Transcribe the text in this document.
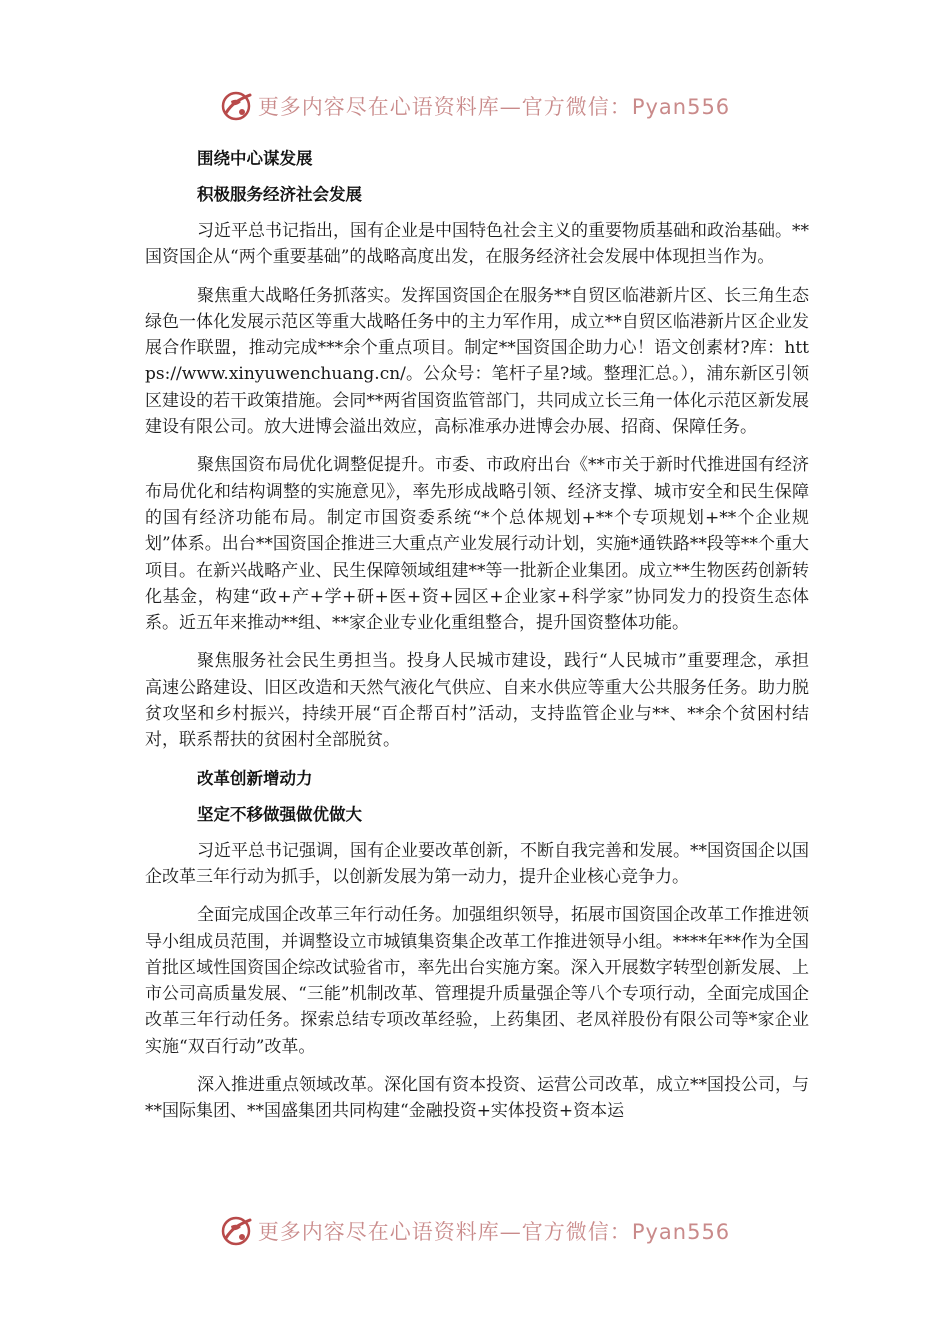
更多内容尽在心语资料库—官方微信：Pyan556

围绕中心谋发展

积极服务经济社会发展

习近平总书记指出，国有企业是中国特色社会主义的重要物质基础和政治基础。**国资国企从“两个重要基础”的战略高度出发，在服务经济社会发展中体现担当作为。

聚焦重大战略任务抓落实。发挥国资国企在服务**自贸区临港新片区、长三角生态绿色一体化发展示范区等重大战略任务中的主力军作用，成立**自贸区临港新片区企业发展合作联盟，推动完成***余个重点项目。制定**国资国企助力心！语文创素材?库：https://www.xinyuwenchuang.cn/。公众号：笔杆子星?域。整理汇总。），浦东新区引领区建设的若干政策措施。会同**两省国资监管部门，共同成立长三角一体化示范区新发展建设有限公司。放大进博会溢出效应，高标准承办进博会办展、招商、保障任务。

聚焦国资布局优化调整促提升。市委、市政府出台《**市关于新时代推进国有经济布局优化和结构调整的实施意见》，率先形成战略引领、经济支撑、城市安全和民生保障的国有经济功能布局。制定市国资委系统“*个总体规划+**个专项规划+**个企业规划”体系。出台**国资国企推进三大重点产业发展行动计划，实施*通铁路**段等**个重大项目。在新兴战略产业、民生保障领域组建**等一批新企业集团。成立**生物医药创新转化基金，构建“政+产+学+研+医+资+园区+企业家+科学家”协同发力的投资生态体系。近五年来推动**组、**家企业专业化重组整合，提升国资整体功能。

聚焦服务社会民生勇担当。投身人民城市建设，践行“人民城市”重要理念，承担高速公路建设、旧区改造和天然气液化气供应、自来水供应等重大公共服务任务。助力脱贫攻坚和乡村振兴，持续开展“百企帮百村”活动，支持监管企业与**、**余个贫困村结对，联系帮扶的贫困村全部脱贫。

改革创新增动力

坚定不移做强做优做大

习近平总书记强调，国有企业要改革创新，不断自我完善和发展。**国资国企以国企改革三年行动为抓手，以创新发展为第一动力，提升企业核心竞争力。

全面完成国企改革三年行动任务。加强组织领导，拓展市国资国企改革工作推进领导小组成员范围，并调整设立市城镇集资集企改革工作推进领导小组。****年**作为全国首批区域性国资国企综改试验省市，率先出台实施方案。深入开展数字转型创新发展、上市公司高质量发展、“三能”机制改革、管理提升质量强企等八个专项行动，全面完成国企改革三年行动任务。探索总结专项改革经验，上药集团、老凤祥股份有限公司等*家企业实施“双百行动”改革。

深入推进重点领域改革。深化国有资本投资、运营公司改革，成立**国投公司，与**国际集团、**国盛集团共同构建“金融投资+实体投资+资本运

更多内容尽在心语资料库—官方微信：Pyan556
